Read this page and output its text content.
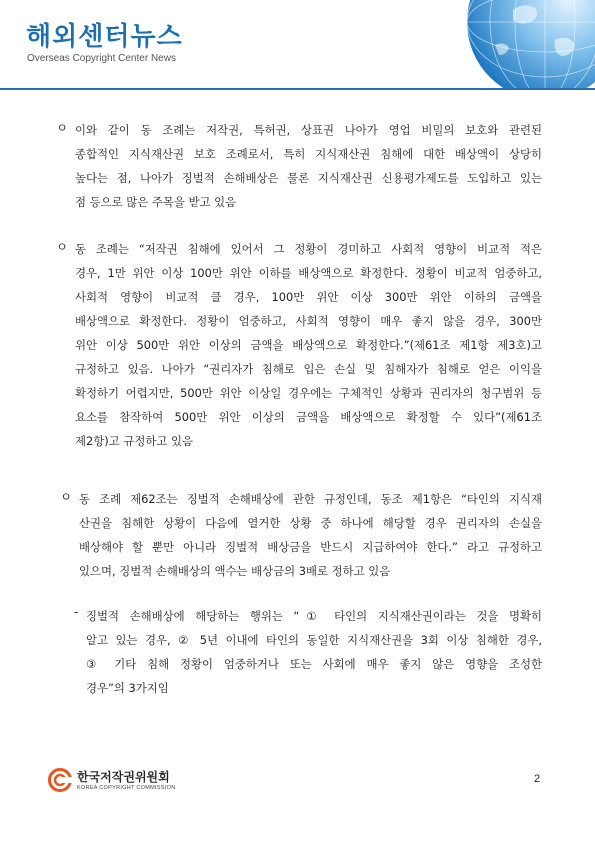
해외센터뉴스
Overseas Copyright Center News
ㅇ 이와 같이 동 조례는 저작권, 특허권, 상표권 나아가 영업 비밀의 보호와 관련된
종합적인 지식재산권 보호 조례로서, 특히 지식재산권 침해에 대한 배상액이 상당히
높다는 점, 나아가 징벌적 손해배상은 물론 지식재산권 신용평가제도를 도입하고 있는
점 등으로 많은 주목을 받고 있음
ㅇ 동 조례는 “저작권 침해에 있어서 그 정황이 경미하고 사회적 영향이 비교적 적은
경우, 1만 위안 이상 100만 위안 이하를 배상액으로 확정한다. 정황이 비교적 엄중하고,
사회적 영향이 비교적 클 경우, 100만 위안 이상 300만 위안 이하의 금액을
배상액으로 확정한다. 정황이 엄중하고, 사회적 영향이 매우 좋지 않을 경우, 300만
위안 이상 500만 위안 이상의 금액을 배상액으로 확정한다.”(제61조 제1항 제3호)고
규정하고 있음. 나아가 “권리자가 침해로 입은 손실 및 침해자가 침해로 얻은 이익을
확정하기 어렵지만, 500만 위안 이상일 경우에는 구체적인 상황과 권리자의 청구범위 등
요소를 참작하여 500만 위안 이상의 금액을 배상액으로 확정할 수 있다”(제61조
제2항)고 규정하고 있음
ㅇ 동 조례 제62조는 징벌적 손해배상에 관한 규정인데, 동조 제1항은 “타인의 지식재
산권을 침해한 상황이 다음에 열거한 상황 중 하나에 해당할 경우 권리자의 손실을
배상해야 할 뿐만 아니라 징벌적 배상금을 반드시 지급하여야 한다.” 라고 규정하고
있으며, 징벌적 손해배상의 액수는 배상금의 3배로 정하고 있음
- 징벌적 손해배상에 해당하는 행위는 “① 타인의 지식재산권이라는 것을 명확히
알고 있는 경우, ② 5년 이내에 타인의 동일한 지식재산권을 3회 이상 침해한 경우,
③ 기타 침해 정황이 엄중하거나 또는 사회에 매우 좋지 않은 영향을 조성한
경우”의 3가지임
한국저작권위원회
KOREA COPYRIGHT COMMISSION
2
